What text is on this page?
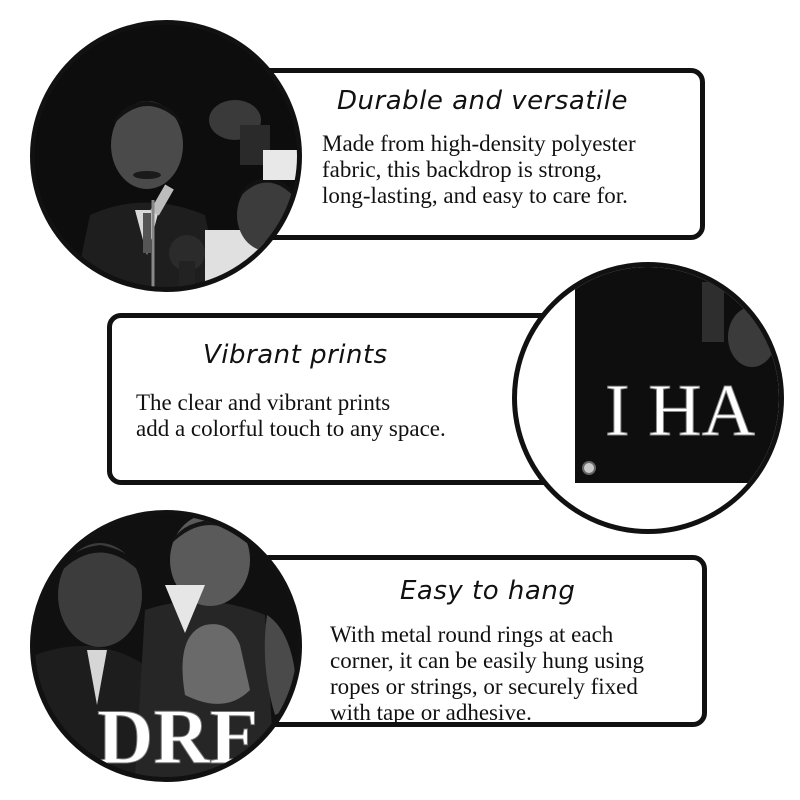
Durable and versatile
Made from high-density polyester
fabric, this backdrop is strong,
long-lasting, and easy to care for.
Vibrant prints
The clear and vibrant prints
add a colorful touch to any space. I HA
Easy to hang
With metal round rings at each
corner, it can be easily hung using
ropes or strings, or securely fixed
with tape or adhesive.
DRE
